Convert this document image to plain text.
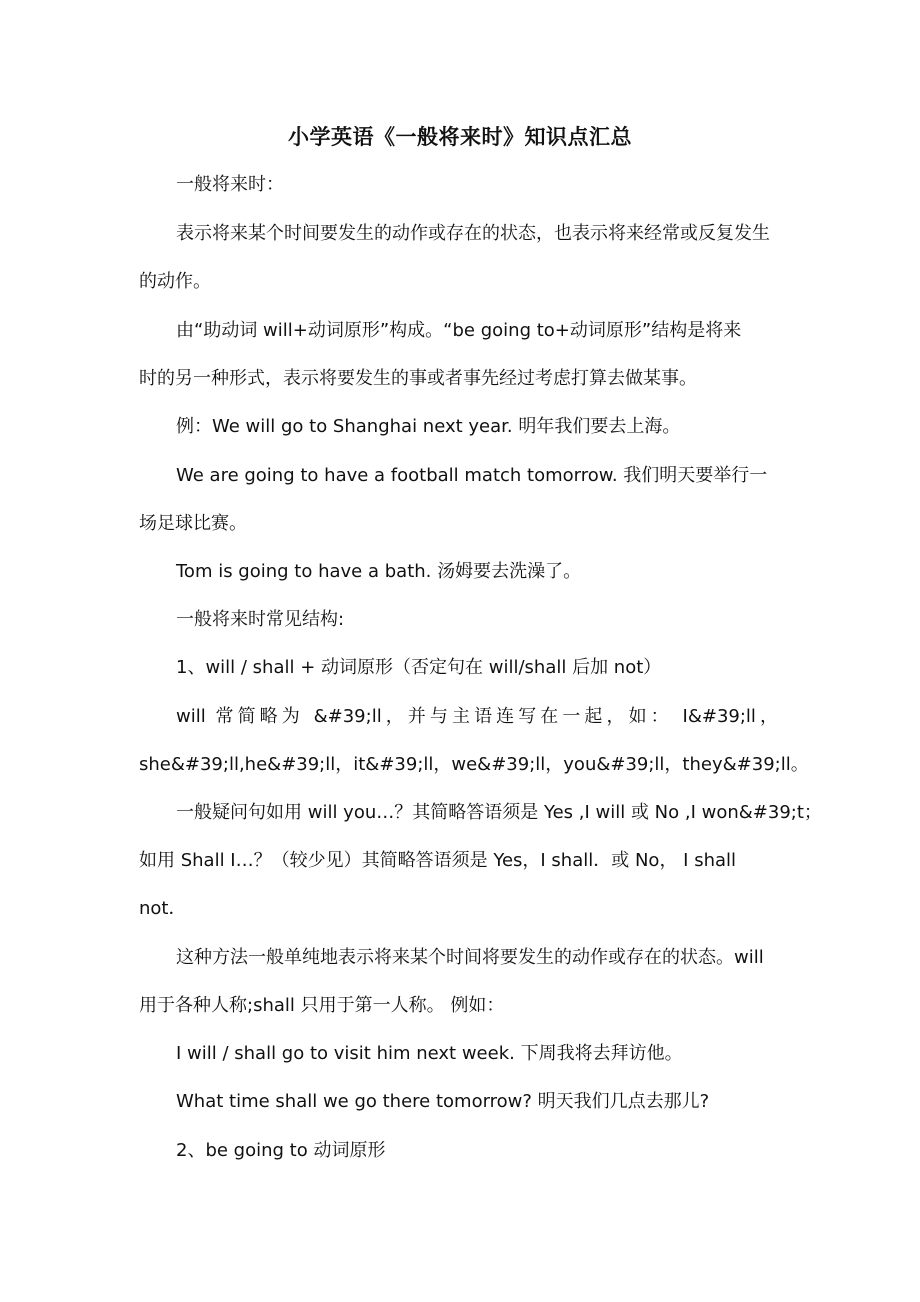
小学英语《一般将来时》知识点汇总
一般将来时：
表示将来某个时间要发生的动作或存在的状态，也表示将来经常或反复发生
的动作。
由“助动词 will+动词原形”构成。“be going to+动词原形”结构是将来
时的另一种形式，表示将要发生的事或者事先经过考虑打算去做某事。
例：We will go to Shanghai next year. 明年我们要去上海。
We are going to have a football match tomorrow. 我们明天要举行一
场足球比赛。
Tom is going to have a bath. 汤姆要去洗澡了。
一般将来时常见结构:
1、will / shall + 动词原形（否定句在 will/shall 后加 not）
will 常简略为 &#39;ll，并与主语连写在一起，如： I&#39;ll，
she&#39;ll,he&#39;ll，it&#39;ll，we&#39;ll，you&#39;ll，they&#39;ll。
一般疑问句如用 will you…？其简略答语须是 Yes ,I will 或 No ,I won&#39;t；
如用 Shall I…？（较少见）其简略答语须是 Yes，I shall．或 No， I shall
not．
这种方法一般单纯地表示将来某个时间将要发生的动作或存在的状态。will
用于各种人称;shall 只用于第一人称。 例如：
I will / shall go to visit him next week. 下周我将去拜访他。
What time shall we go there tomorrow? 明天我们几点去那儿?
2、be going to 动词原形
